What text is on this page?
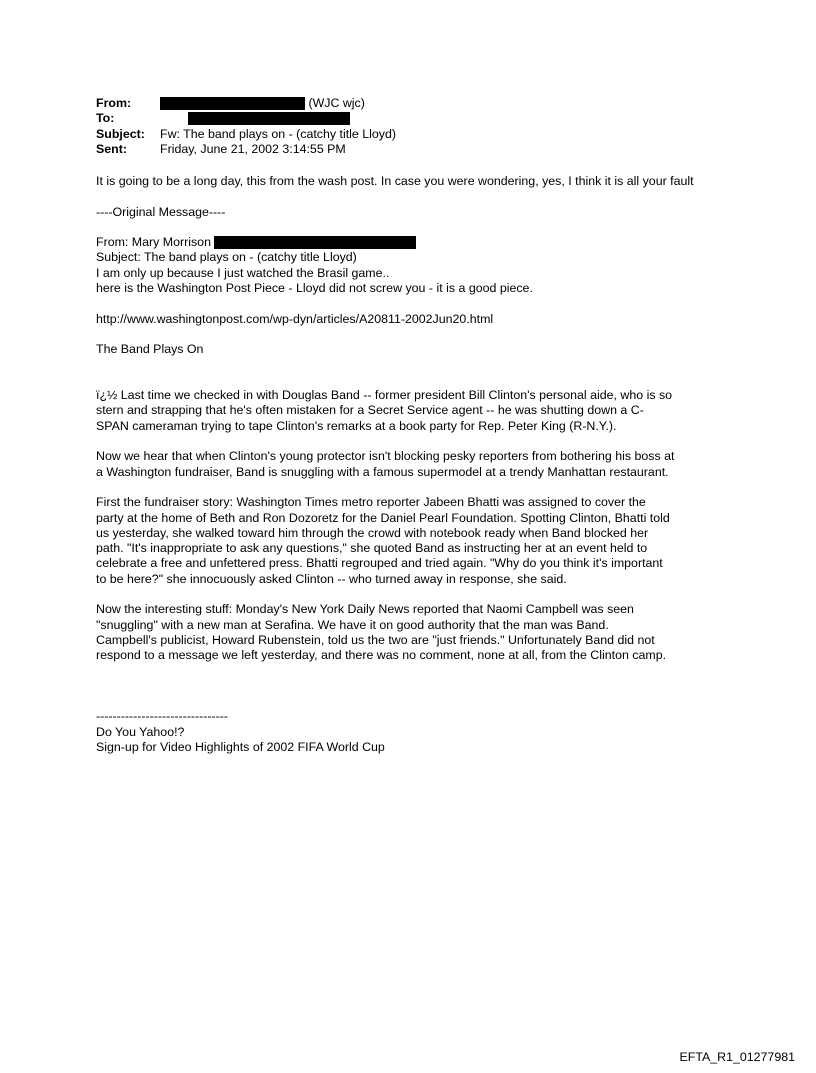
From:	(WJC wjc)
To:
Subject:	Fw: The band plays on - (catchy title Lloyd)
Sent:	Friday, June 21, 2002 3:14:55 PM

It is going to be a long day, this from the wash post. In case you were wondering, yes, I think it is all your fault

----Original Message----

From: Mary Morrison
Subject: The band plays on - (catchy title Lloyd)
I am only up because I just watched the Brasil game..
here is the Washington Post Piece - Lloyd did not screw you - it is a good piece.

http://www.washingtonpost.com/wp-dyn/articles/A20811-2002Jun20.html

The Band Plays On

ï¿½ Last time we checked in with Douglas Band -- former president Bill Clinton's personal aide, who is so
stern and strapping that he's often mistaken for a Secret Service agent -- he was shutting down a C-
SPAN cameraman trying to tape Clinton's remarks at a book party for Rep. Peter King (R-N.Y.).
Now we hear that when Clinton's young protector isn't blocking pesky reporters from bothering his boss at
a Washington fundraiser, Band is snuggling with a famous supermodel at a trendy Manhattan restaurant.
First the fundraiser story: Washington Times metro reporter Jabeen Bhatti was assigned to cover the
party at the home of Beth and Ron Dozoretz for the Daniel Pearl Foundation. Spotting Clinton, Bhatti told
us yesterday, she walked toward him through the crowd with notebook ready when Band blocked her
path. "It's inappropriate to ask any questions," she quoted Band as instructing her at an event held to
celebrate a free and unfettered press. Bhatti regrouped and tried again. "Why do you think it's important
to be here?" she innocuously asked Clinton -- who turned away in response, she said.
Now the interesting stuff: Monday's New York Daily News reported that Naomi Campbell was seen
"snuggling" with a new man at Serafina. We have it on good authority that the man was Band.
Campbell's publicist, Howard Rubenstein, told us the two are "just friends." Unfortunately Band did not
respond to a message we left yesterday, and there was no comment, none at all, from the Clinton camp.
--------------------------------
Do You Yahoo!?
Sign-up for Video Highlights of 2002 FIFA World Cup
EFTA_R1_01277981
